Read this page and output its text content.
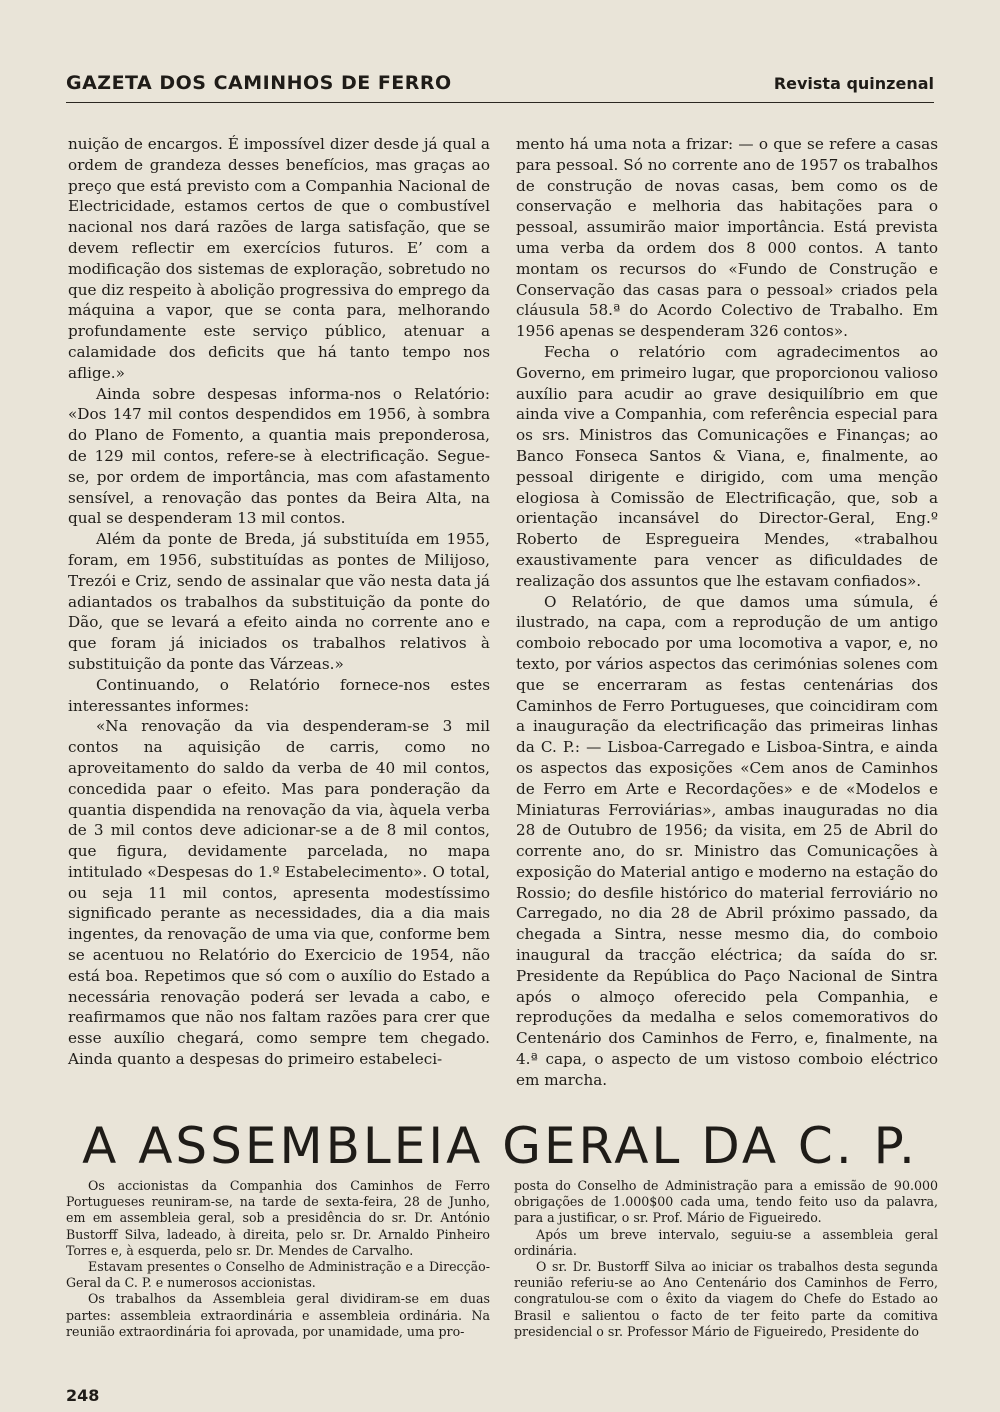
GAZETA DOS CAMINHOS DE FERRO	Revista quinzenal

nuição de encargos. É impossível dizer desde já qual a ordem de grandeza desses benefícios, mas graças ao preço que está previsto com a Companhia Nacional de Electricidade, estamos certos de que o combustível nacional nos dará razões de larga satisfação, que se devem reflectir em exercícios futuros. E’ com a modificação dos sistemas de exploração, sobretudo no que diz respeito à abolição progressiva do emprego da máquina a vapor, que se conta para, melhorando profundamente este serviço público, atenuar a calamidade dos deficits que há tanto tempo nos aflige.»

Ainda sobre despesas informa-nos o Relatório: «Dos 147 mil contos despendidos em 1956, à sombra do Plano de Fomento, a quantia mais preponderosa, de 129 mil contos, refere-se à electrificação. Segue-se, por ordem de importância, mas com afastamento sensível, a renovação das pontes da Beira Alta, na qual se despenderam 13 mil contos.

Além da ponte de Breda, já substituída em 1955, foram, em 1956, substituídas as pontes de Milijoso, Trezói e Criz, sendo de assinalar que vão nesta data já adiantados os trabalhos da substituição da ponte do Dão, que se levará a efeito ainda no corrente ano e que foram já iniciados os trabalhos relativos à substituição da ponte das Várzeas.»

Continuando, o Relatório fornece-nos estes interessantes informes:

«Na renovação da via despenderam-se 3 mil contos na aquisição de carris, como no aproveitamento do saldo da verba de 40 mil contos, concedida paar o efeito. Mas para ponderação da quantia dispendida na renovação da via, àquela verba de 3 mil contos deve adicionar-se a de 8 mil contos, que figura, devidamente parcelada, no mapa intitulado «Despesas do 1.º Estabelecimento». O total, ou seja 11 mil contos, apresenta modestíssimo significado perante as necessidades, dia a dia mais ingentes, da renovação de uma via que, conforme bem se acentuou no Relatório do Exercicio de 1954, não está boa. Repetimos que só com o auxílio do Estado a necessária renovação poderá ser levada a cabo, e reafirmamos que não nos faltam razões para crer que esse auxílio chegará, como sempre tem chegado. Ainda quanto a despesas do primeiro estabeleci-

mento há uma nota a frizar: — o que se refere a casas para pessoal. Só no corrente ano de 1957 os trabalhos de construção de novas casas, bem como os de conservação e melhoria das habitações para o pessoal, assumirão maior importância. Está prevista uma verba da ordem dos 8 000 contos. A tanto montam os recursos do «Fundo de Construção e Conservação das casas para o pessoal» criados pela cláusula 58.ª do Acordo Colectivo de Trabalho. Em 1956 apenas se despenderam 326 contos».

Fecha o relatório com agradecimentos ao Governo, em primeiro lugar, que proporcionou valioso auxílio para acudir ao grave desiquilíbrio em que ainda vive a Companhia, com referência especial para os srs. Ministros das Comunicações e Finanças; ao Banco Fonseca Santos & Viana, e, finalmente, ao pessoal dirigente e dirigido, com uma menção elogiosa à Comissão de Electrificação, que, sob a orientação incansável do Director-Geral, Eng.º Roberto de Espregueira Mendes, «trabalhou exaustivamente para vencer as dificuldades de realização dos assuntos que lhe estavam confiados».

O Relatório, de que damos uma súmula, é ilustrado, na capa, com a reprodução de um antigo comboio rebocado por uma locomotiva a vapor, e, no texto, por vários aspectos das cerimónias solenes com que se encerraram as festas centenárias dos Caminhos de Ferro Portugueses, que coincidiram com a inauguração da electrificação das primeiras linhas da C. P.: — Lisboa-Carregado e Lisboa-Sintra, e ainda os aspectos das exposições «Cem anos de Caminhos de Ferro em Arte e Recordações» e de «Modelos e Miniaturas Ferroviárias», ambas inauguradas no dia 28 de Outubro de 1956; da visita, em 25 de Abril do corrente ano, do sr. Ministro das Comunicações à exposição do Material antigo e moderno na estação do Rossio; do desfile histórico do material ferroviário no Carregado, no dia 28 de Abril próximo passado, da chegada a Sintra, nesse mesmo dia, do comboio inaugural da tracção eléctrica; da saída do sr. Presidente da República do Paço Nacional de Sintra após o almoço oferecido pela Companhia, e reproduções da medalha e selos comemorativos do Centenário dos Caminhos de Ferro, e, finalmente, na 4.ª capa, o aspecto de um vistoso comboio eléctrico em marcha.

A ASSEMBLEIA GERAL DA C. P.

Os accionistas da Companhia dos Caminhos de Ferro Portugueses reuniram-se, na tarde de sexta-feira, 28 de Junho, em em assembleia geral, sob a presidência do sr. Dr. António Bustorff Silva, ladeado, à direita, pelo sr. Dr. Arnaldo Pinheiro Torres e, à esquerda, pelo sr. Dr. Mendes de Carvalho.

Estavam presentes o Conselho de Administração e a Direcção-Geral da C. P. e numerosos accionistas.

Os trabalhos da Assembleia geral dividiram-se em duas partes: assembleia extraordinária e assembleia ordinária. Na reunião extraordinária foi aprovada, por unamidade, uma pro-

posta do Conselho de Administração para a emissão de 90.000 obrigações de 1.000$00 cada uma, tendo feito uso da palavra, para a justificar, o sr. Prof. Mário de Figueiredo.

Após um breve intervalo, seguiu-se a assembleia geral ordinária.

O sr. Dr. Bustorff Silva ao iniciar os trabalhos desta segunda reunião referiu-se ao Ano Centenário dos Caminhos de Ferro, congratulou-se com o êxito da viagem do Chefe do Estado ao Brasil e salientou o facto de ter feito parte da comitiva presidencial o sr. Professor Mário de Figueiredo, Presidente do

248
